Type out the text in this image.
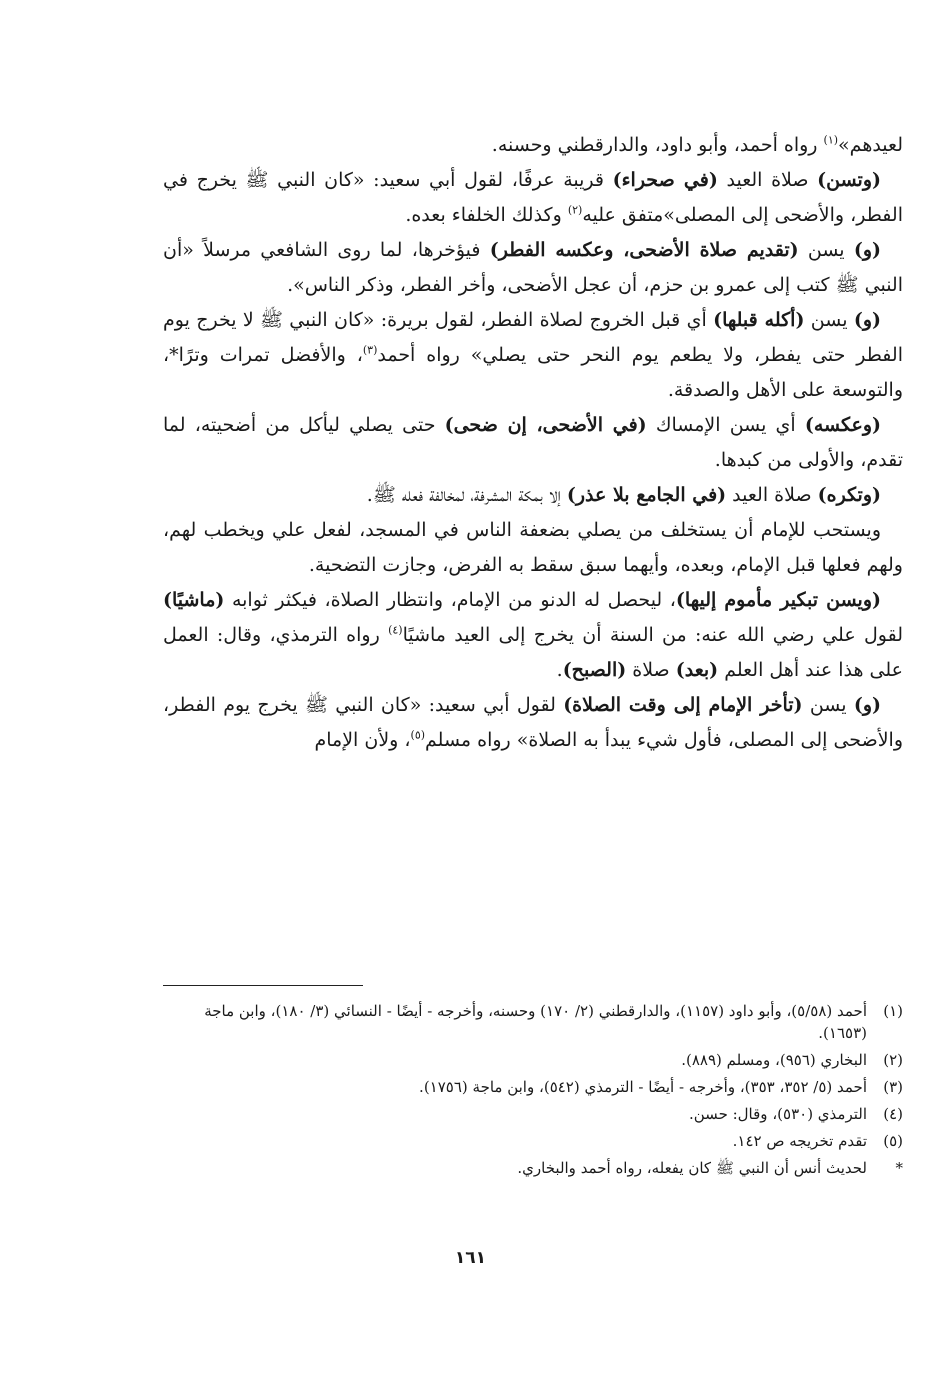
لعيدهم»$^{(١)}$ رواه أحمد، وأبو داود، والدارقطني وحسنه.

(وتسن) صلاة العيد (في صحراء) قريبة عرفًا، لقول أبي سعيد: «كان النبي ﷺ يخرج في الفطر، والأضحى إلى المصلى»متفق عليه$^{(٢)}$ وكذلك الخلفاء بعده.

(و) يسن (تقديم صلاة الأضحى، وعكسه الفطر) فيؤخرها، لما روى الشافعي مرسلاً «أن النبي ﷺ كتب إلى عمرو بن حزم، أن عجل الأضحى، وأخر الفطر، وذكر الناس».

(و) يسن (أكله قبلها) أي قبل الخروج لصلاة الفطر، لقول بريرة: «كان النبي ﷺ لا يخرج يوم الفطر حتى يفطر، ولا يطعم يوم النحر حتى يصلي» رواه أحمد$^{(٣)}$، والأفضل تمرات وترًا*، والتوسعة على الأهل والصدقة.

(وعكسه) أي يسن الإمساك (في الأضحى، إن ضحى) حتى يصلي ليأكل من أضحيته، لما تقدم، والأولى من كبدها.

(وتكره) صلاة العيد (في الجامع بلا عذر) إلا بمكة المشرفة، لمخالفة فعله ﷺ.

ويستحب للإمام أن يستخلف من يصلي بضعفة الناس في المسجد، لفعل علي ويخطب لهم، ولهم فعلها قبل الإمام، وبعده، وأيهما سبق سقط به الفرض، وجازت التضحية.

(ويسن تبكير مأموم إليها)، ليحصل له الدنو من الإمام، وانتظار الصلاة، فيكثر ثوابه (ماشيًا) لقول علي رضي الله عنه: من السنة أن يخرج إلى العيد ماشيًا$^{(٤)}$ رواه الترمذي، وقال: العمل على هذا عند أهل العلم (بعد) صلاة (الصبح).

(و) يسن (تأخر الإمام إلى وقت الصلاة) لقول أبي سعيد: «كان النبي ﷺ يخرج يوم الفطر، والأضحى إلى المصلى، فأول شيء يبدأ به الصلاة» رواه مسلم$^{(٥)}$، ولأن الإمام

(١)
أحمد (٥/٥٨)، وأبو داود (١١٥٧)، والدارقطني (٢/ ١٧٠) وحسنه، وأخرجه - أيضًا - النسائي (٣/ ١٨٠)، وابن ماجة (١٦٥٣).
(٢)
البخاري (٩٥٦)، ومسلم (٨٨٩).
(٣)
أحمد (٥/ ٣٥٢، ٣٥٣)، وأخرجه - أيضًا - الترمذي (٥٤٢)، وابن ماجة (١٧٥٦).
(٤)
الترمذي (٥٣٠)، وقال: حسن.
(٥)
تقدم تخريجه ص ١٤٢.
*
لحديث أنس أن النبي ﷺ كان يفعله، رواه أحمد والبخاري.
١٦١
